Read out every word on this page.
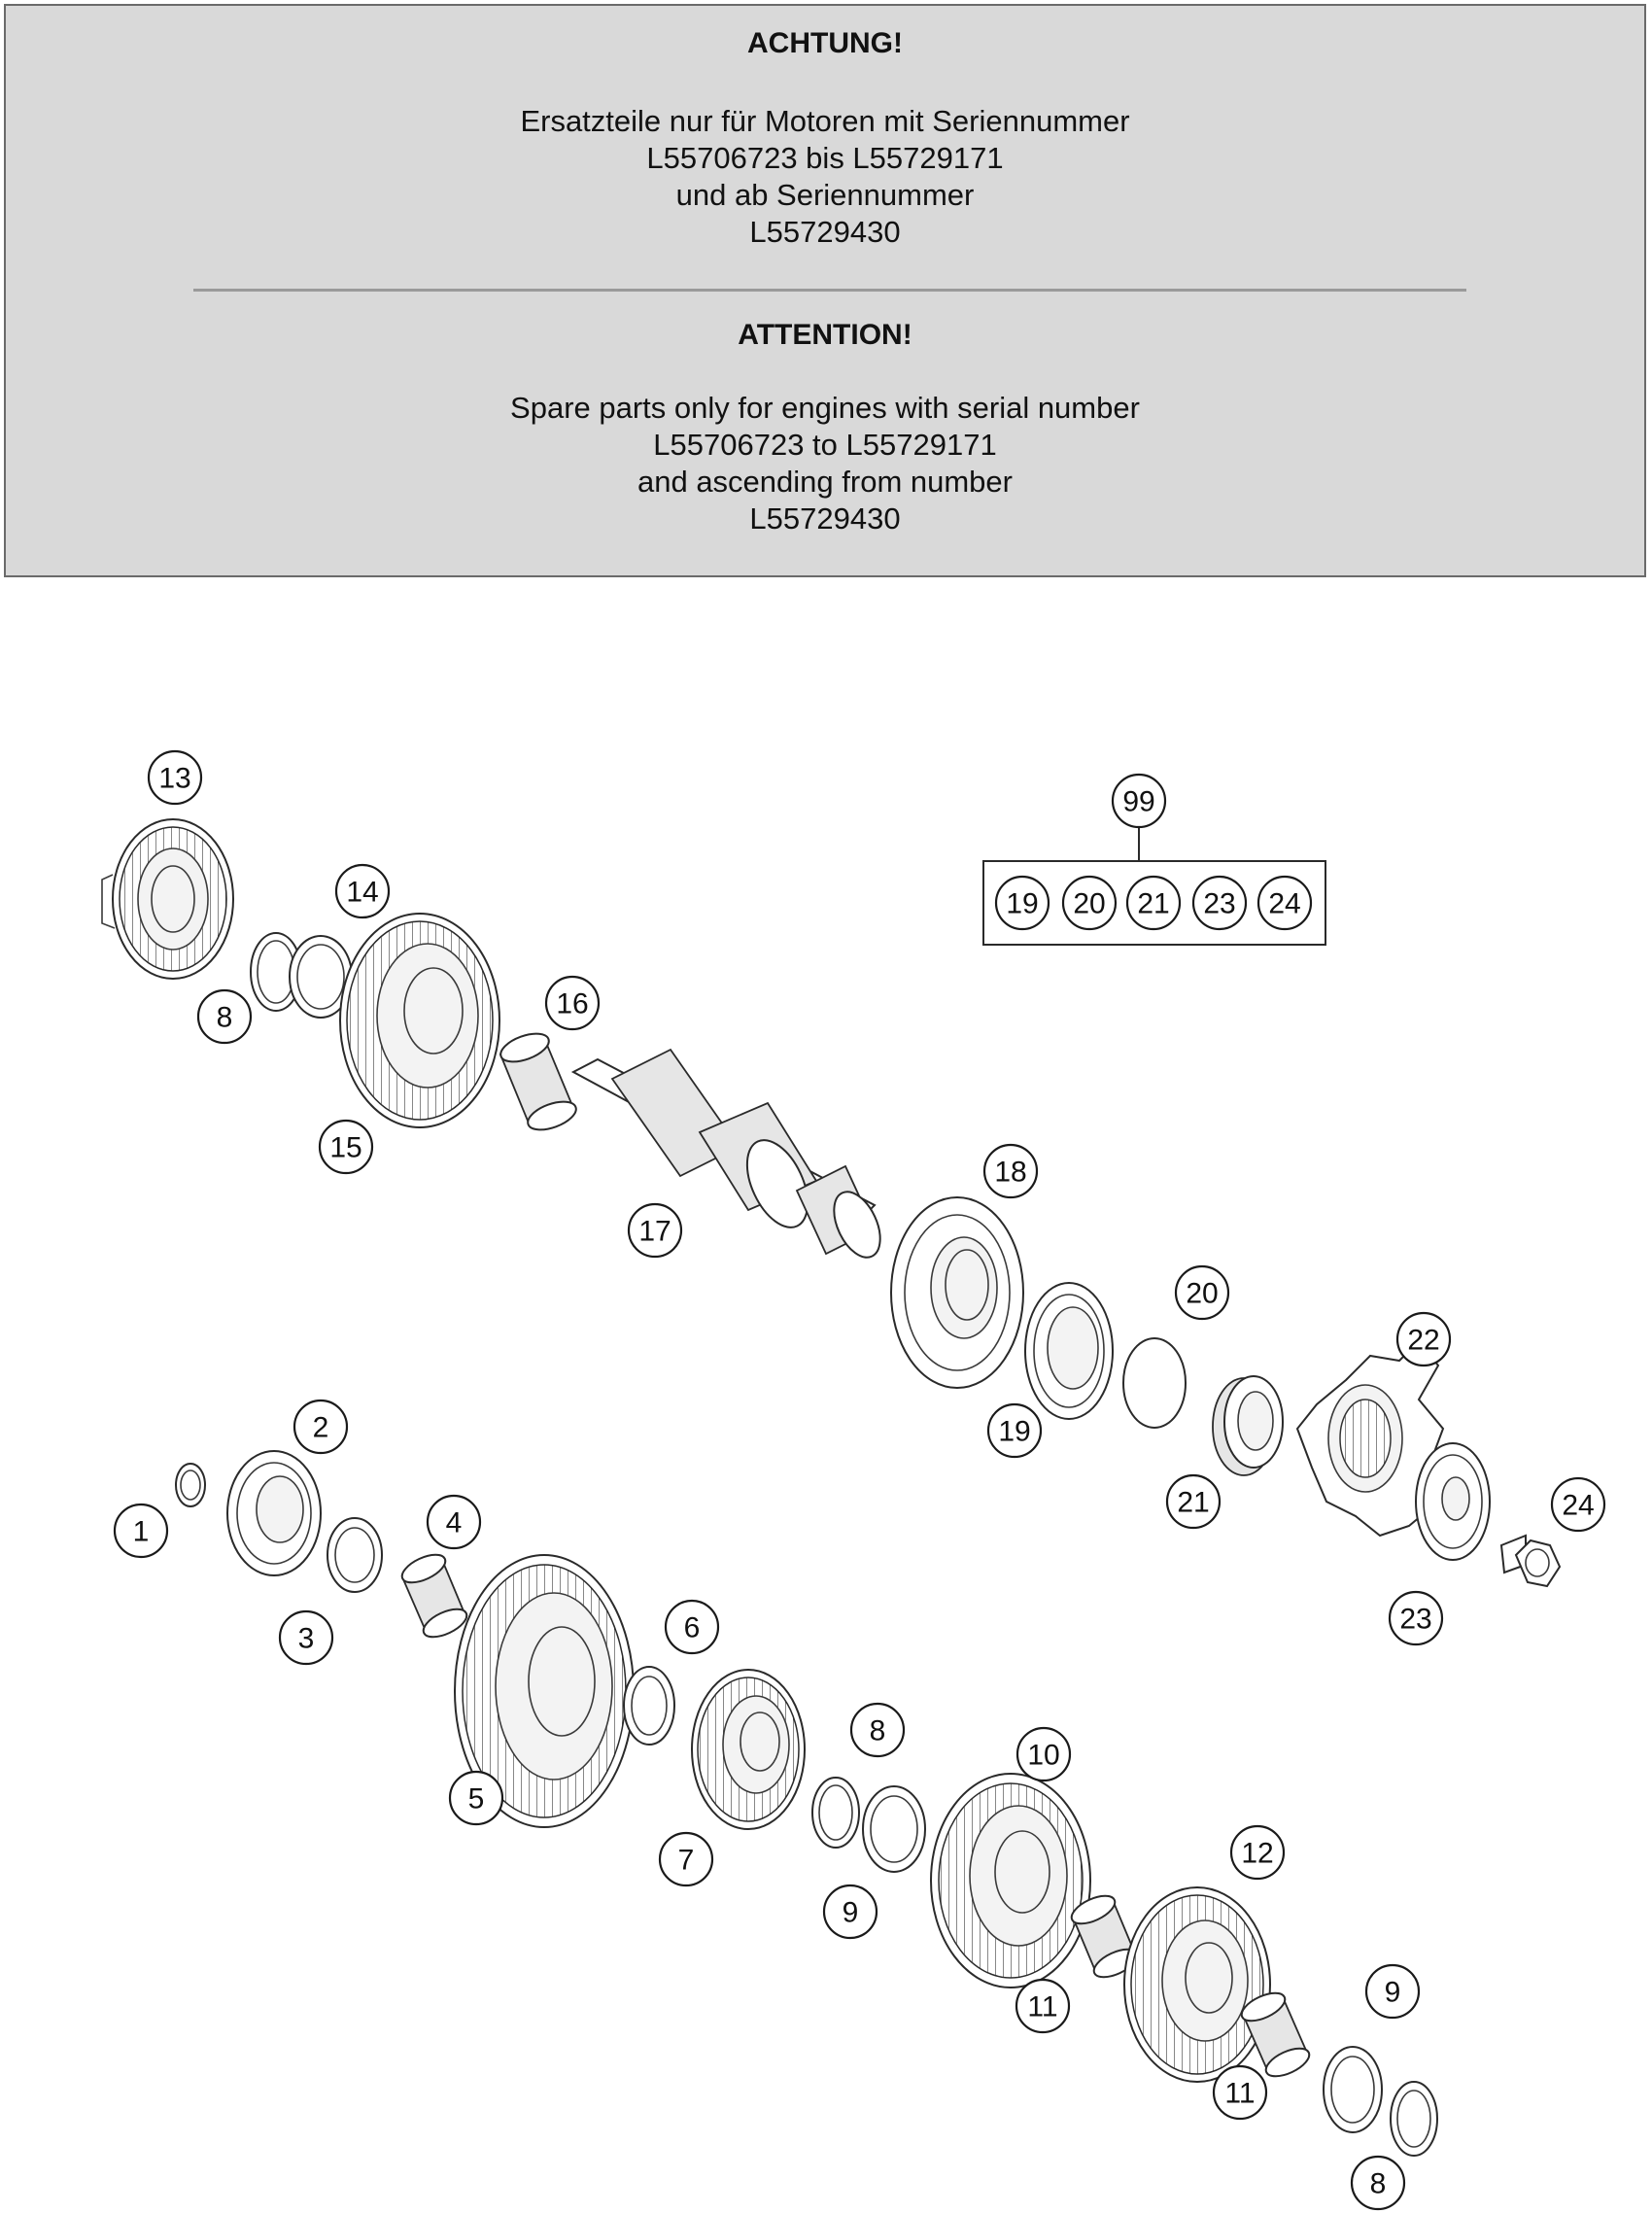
ACHTUNG!
Ersatzteile nur für Motoren mit Seriennummer
L55706723 bis L55729171
und ab Seriennummer
L55729430
ATTENTION!
Spare parts only for engines with serial number
L55706723 to L55729171
and ascending from number
L55729430
13
14
8	16
15
17
18
20
22
19
21	24
23
2
1	4
3	6
5
8
10
7	12
9
11	9
11
8
99
19 20 21 23 24
